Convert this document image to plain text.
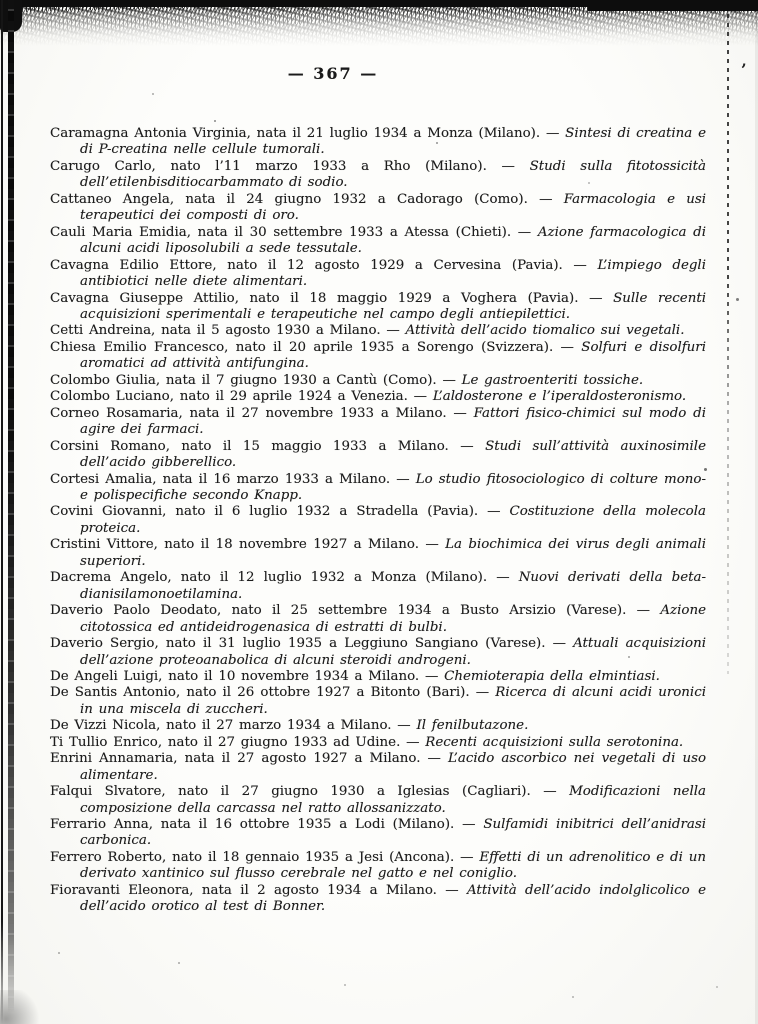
’
— 367 —

Caramagna Antonia Virginia, nata il 21 luglio 1934 a Monza (Milano). — Sintesi di creatina e di P-creatina nelle cellule tumorali.

Carugo Carlo, nato l’11 marzo 1933 a Rho (Milano). — Studi sulla fitotossicità dell’etilenbisditiocarbammato di sodio.

Cattaneo Angela, nata il 24 giugno 1932 a Cadorago (Como). — Farmacologia e usi terapeutici dei composti di oro.

Cauli Maria Emidia, nata il 30 settembre 1933 a Atessa (Chieti). — Azione farmacologica di alcuni acidi liposolubili a sede tessutale.

Cavagna Edilio Ettore, nato il 12 agosto 1929 a Cervesina (Pavia). — L’impiego degli antibiotici nelle diete alimentari.

Cavagna Giuseppe Attilio, nato il 18 maggio 1929 a Voghera (Pavia). — Sulle recenti acquisizioni sperimentali e terapeutiche nel campo degli antiepilettici.

Cetti Andreina, nata il 5 agosto 1930 a Milano. — Attività dell’acido tiomalico sui vegetali.

Chiesa Emilio Francesco, nato il 20 aprile 1935 a Sorengo (Svizzera). — Solfuri e disolfuri aromatici ad attività antifungina.

Colombo Giulia, nata il 7 giugno 1930 a Cantù (Como). — Le gastroenteriti tossiche.

Colombo Luciano, nato il 29 aprile 1924 a Venezia. — L’aldosterone e l’iperaldosteronismo.

Corneo Rosamaria, nata il 27 novembre 1933 a Milano. — Fattori fisico-chimici sul modo di agire dei farmaci.

Corsini Romano, nato il 15 maggio 1933 a Milano. — Studi sull’attività auxinosimile dell’acido gibberellico.

Cortesi Amalia, nata il 16 marzo 1933 a Milano. — Lo studio fitosociologico di colture mono-e polispecifiche secondo Knapp.

Covini Giovanni, nato il 6 luglio 1932 a Stradella (Pavia). — Costituzione della molecola proteica.

Cristini Vittore, nato il 18 novembre 1927 a Milano. — La biochimica dei virus degli animali superiori.

Dacrema Angelo, nato il 12 luglio 1932 a Monza (Milano). — Nuovi derivati della beta-dianisilamonoetilamina.

Daverio Paolo Deodato, nato il 25 settembre 1934 a Busto Arsizio (Varese). — Azione citotossica ed antideidrogenasica di estratti di bulbi.

Daverio Sergio, nato il 31 luglio 1935 a Leggiuno Sangiano (Varese). — Attuali acquisizioni dell’azione proteoanabolica di alcuni steroidi androgeni.

De Angeli Luigi, nato il 10 novembre 1934 a Milano. — Chemioterapia della elmintiasi.

De Santis Antonio, nato il 26 ottobre 1927 a Bitonto (Bari). — Ricerca di alcuni acidi uronici in una miscela di zuccheri.

De Vizzi Nicola, nato il 27 marzo 1934 a Milano. — Il fenilbutazone.

Ti Tullio Enrico, nato il 27 giugno 1933 ad Udine. — Recenti acquisizioni sulla serotonina.

Enrini Annamaria, nata il 27 agosto 1927 a Milano. — L’acido ascorbico nei vegetali di uso alimentare.

Falqui Slvatore, nato il 27 giugno 1930 a Iglesias (Cagliari). — Modificazioni nella composizione della carcassa nel ratto allossanizzato.

Ferrario Anna, nata il 16 ottobre 1935 a Lodi (Milano). — Sulfamidi inibitrici dell’anidrasi carbonica.

Ferrero Roberto, nato il 18 gennaio 1935 a Jesi (Ancona). — Effetti di un adrenolitico e di un derivato xantinico sul flusso cerebrale nel gatto e nel coniglio.

Fioravanti Eleonora, nata il 2 agosto 1934 a Milano. — Attività dell’acido indolglicolico e dell’acido orotico al test di Bonner.
